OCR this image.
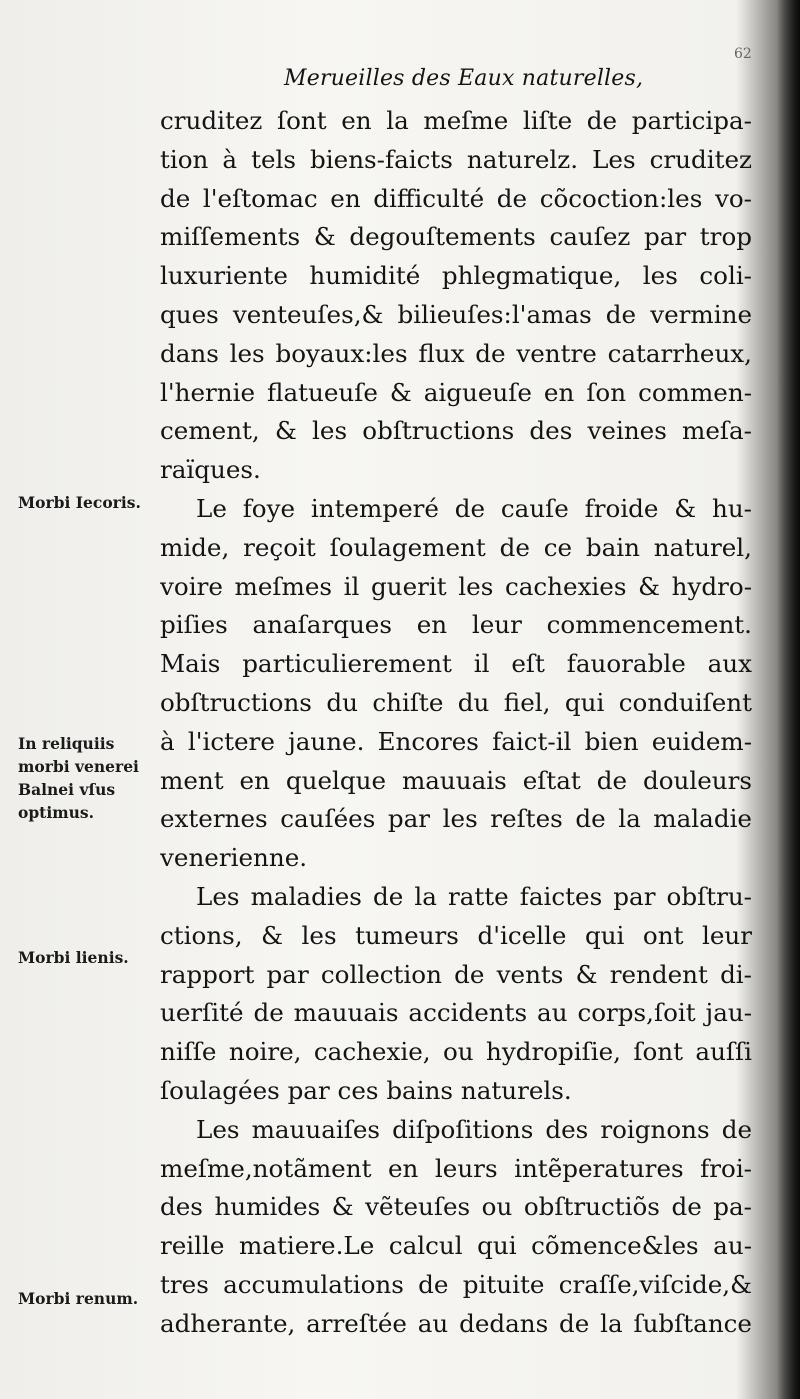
62
Merueilles des Eaux naturelles,
cruditez ſont en la meſme liſte de participa-
tion à tels biens-faicts naturelz. Les cruditez
de l'eſtomac en difficulté de cõcoction:les vo-
miſſements & degouſtements cauſez par trop
luxuriente humidité phlegmatique, les coli-
ques venteuſes,& bilieuſes:l'amas de vermine
dans les boyaux:les flux de ventre catarrheux,
l'hernie flatueuſe & aigueuſe en ſon commen-
cement, & les obſtructions des veines meſa-
raïques.
Le foye intemperé de cauſe froide & hu-
mide, reçoit ſoulagement de ce bain naturel,
voire meſmes il guerit les cachexies & hydro-
piſies anaſarques en leur commencement.
Mais particulierement il eſt fauorable aux
obſtructions du chiſte du fiel, qui conduiſent
à l'ictere jaune. Encores faict-il bien euidem-
ment en quelque mauuais eſtat de douleurs
externes cauſées par les reſtes de la maladie
venerienne.
Les maladies de la ratte faictes par obſtru-
ctions, & les tumeurs d'icelle qui ont leur
rapport par collection de vents & rendent di-
uerſité de mauuais accidents au corps,ſoit jau-
niſſe noire, cachexie, ou hydropiſie, ſont auſſi
ſoulagées par ces bains naturels.
Les mauuaiſes diſpoſitions des roignons de
meſme,notãment en leurs intẽperatures froi-
des humides & vẽteuſes ou obſtructiõs de pa-
reille matiere.Le calcul qui cõmence&les au-
tres accumulations de pituite craſſe,viſcide,&
adherante, arreſtée au dedans de la ſubſtance
Morbi Iecoris.
In reliquiis
morbi venerei
Balnei vſus
optimus.
Morbi lienis.
Morbi renum.
